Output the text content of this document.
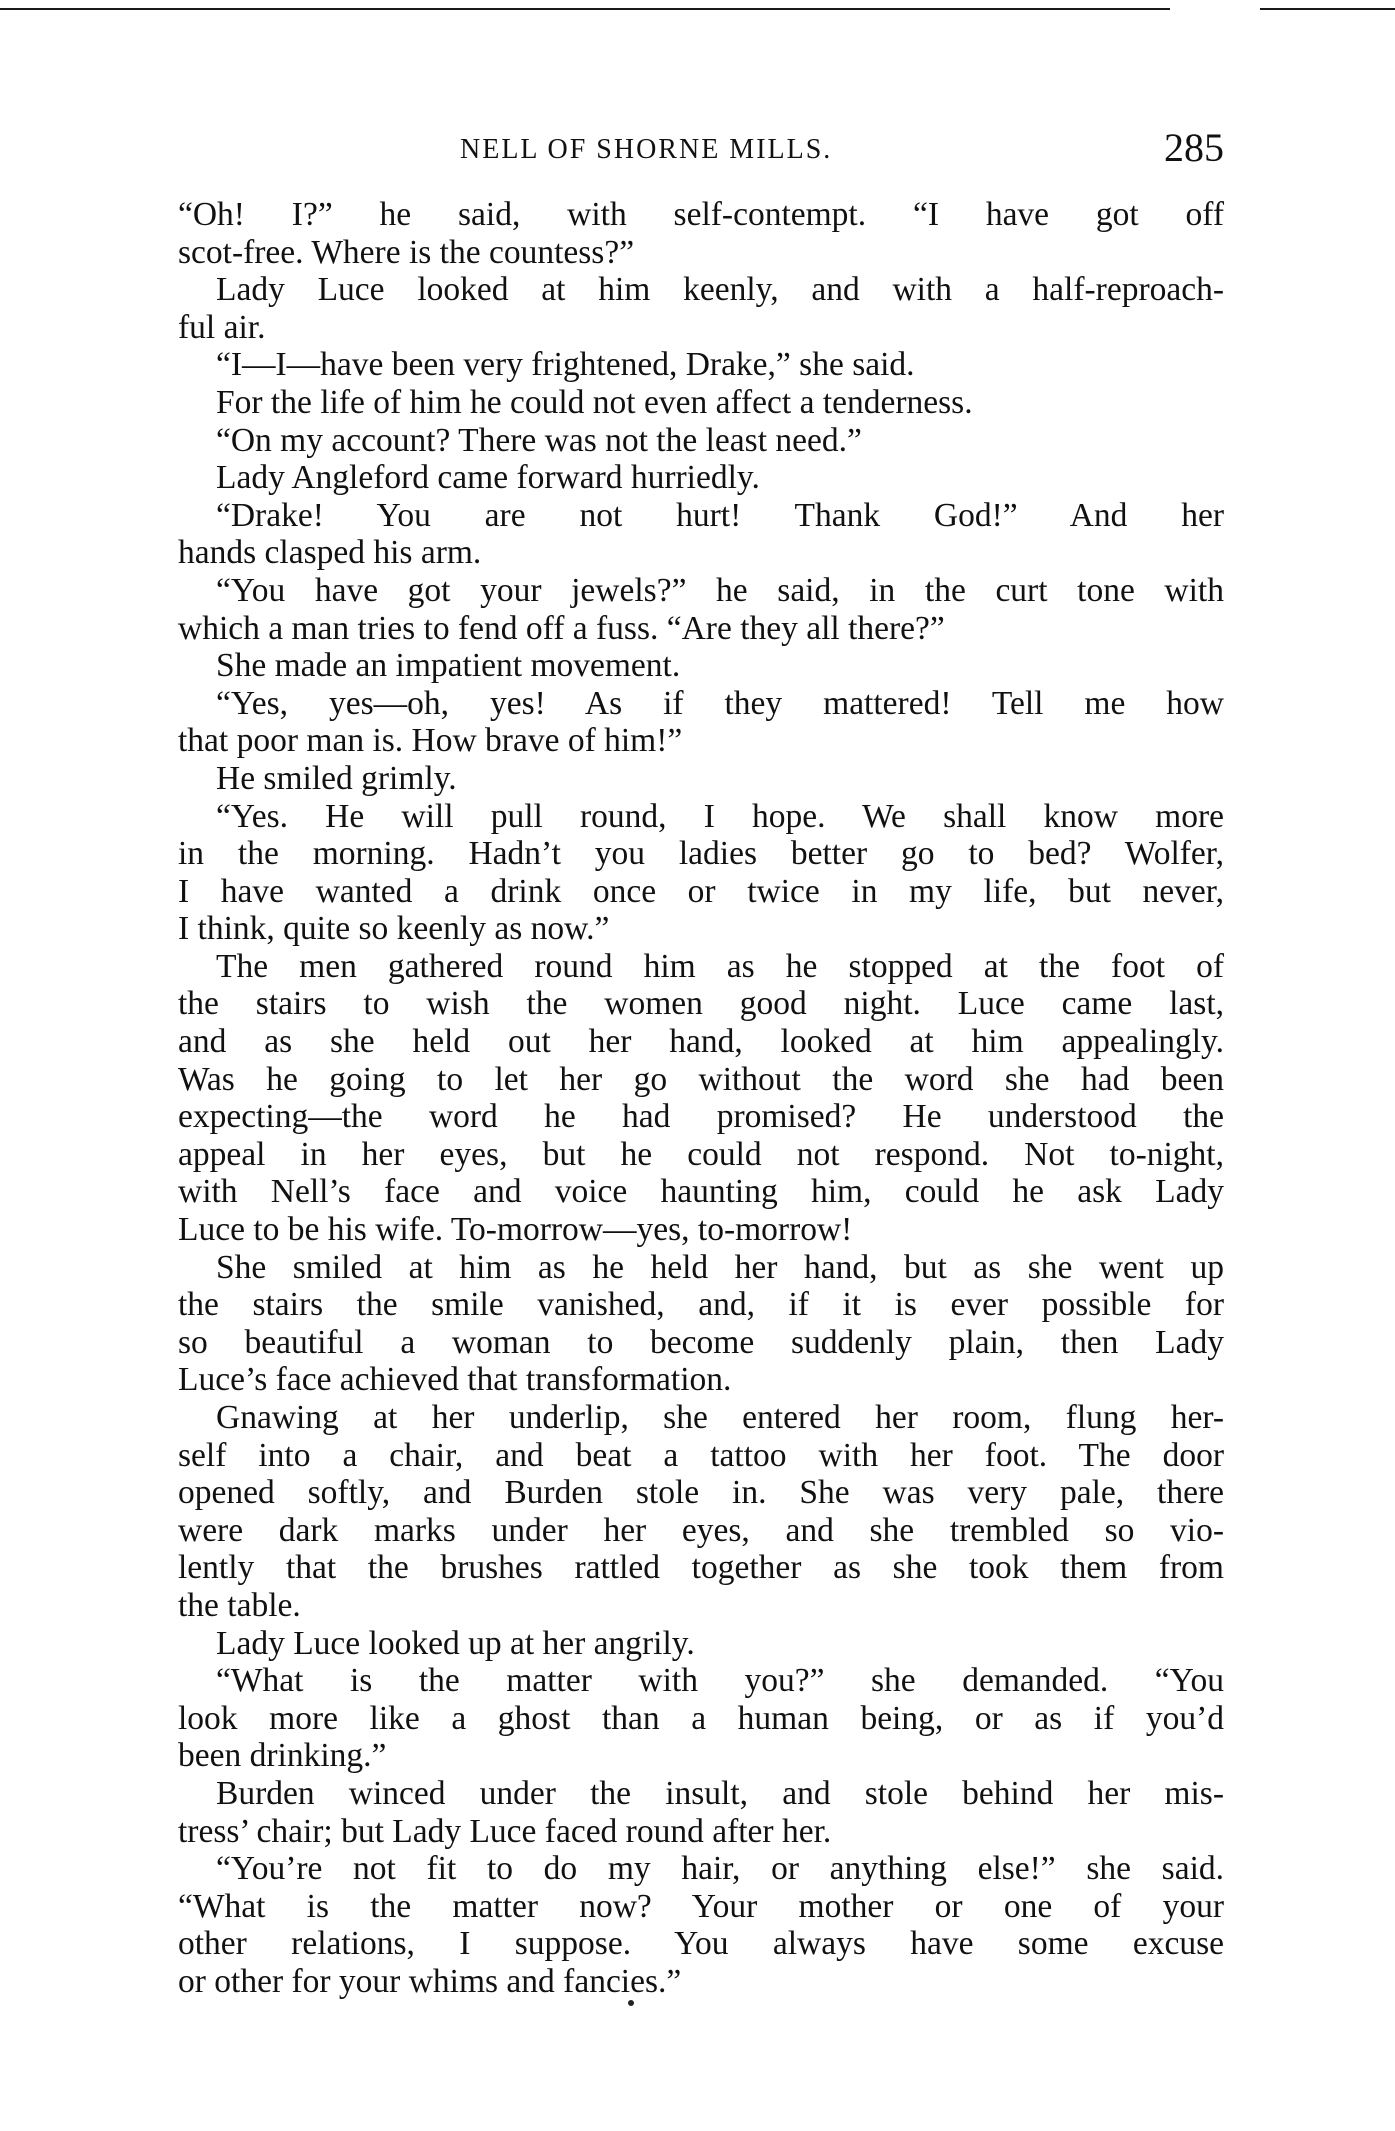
NELL OF SHORNE MILLS.	285
“Oh! I?” he said, with self-contempt. “I have got off
scot-free. Where is the countess?”
Lady Luce looked at him keenly, and with a half-reproach-
ful air.
“I—I—have been very frightened, Drake,” she said.
For the life of him he could not even affect a tenderness.
“On my account? There was not the least need.”
Lady Angleford came forward hurriedly.
“Drake! You are not hurt! Thank God!” And her
hands clasped his arm.
“You have got your jewels?” he said, in the curt tone with
which a man tries to fend off a fuss. “Are they all there?”
She made an impatient movement.
“Yes, yes—oh, yes! As if they mattered! Tell me how
that poor man is. How brave of him!”
He smiled grimly.
“Yes. He will pull round, I hope. We shall know more
in the morning. Hadn’t you ladies better go to bed? Wolfer,
I have wanted a drink once or twice in my life, but never,
I think, quite so keenly as now.”
The men gathered round him as he stopped at the foot of
the stairs to wish the women good night. Luce came last,
and as she held out her hand, looked at him appealingly.
Was he going to let her go without the word she had been
expecting—the word he had promised? He understood the
appeal in her eyes, but he could not respond. Not to-night,
with Nell’s face and voice haunting him, could he ask Lady
Luce to be his wife. To-morrow—yes, to-morrow!
She smiled at him as he held her hand, but as she went up
the stairs the smile vanished, and, if it is ever possible for
so beautiful a woman to become suddenly plain, then Lady
Luce’s face achieved that transformation.
Gnawing at her underlip, she entered her room, flung her-
self into a chair, and beat a tattoo with her foot. The door
opened softly, and Burden stole in. She was very pale, there
were dark marks under her eyes, and she trembled so vio-
lently that the brushes rattled together as she took them from
the table.
Lady Luce looked up at her angrily.
“What is the matter with you?” she demanded. “You
look more like a ghost than a human being, or as if you’d
been drinking.”
Burden winced under the insult, and stole behind her mis-
tress’ chair; but Lady Luce faced round after her.
“You’re not fit to do my hair, or anything else!” she said.
“What is the matter now? Your mother or one of your
other relations, I suppose. You always have some excuse
or other for your whims and fancies.”
